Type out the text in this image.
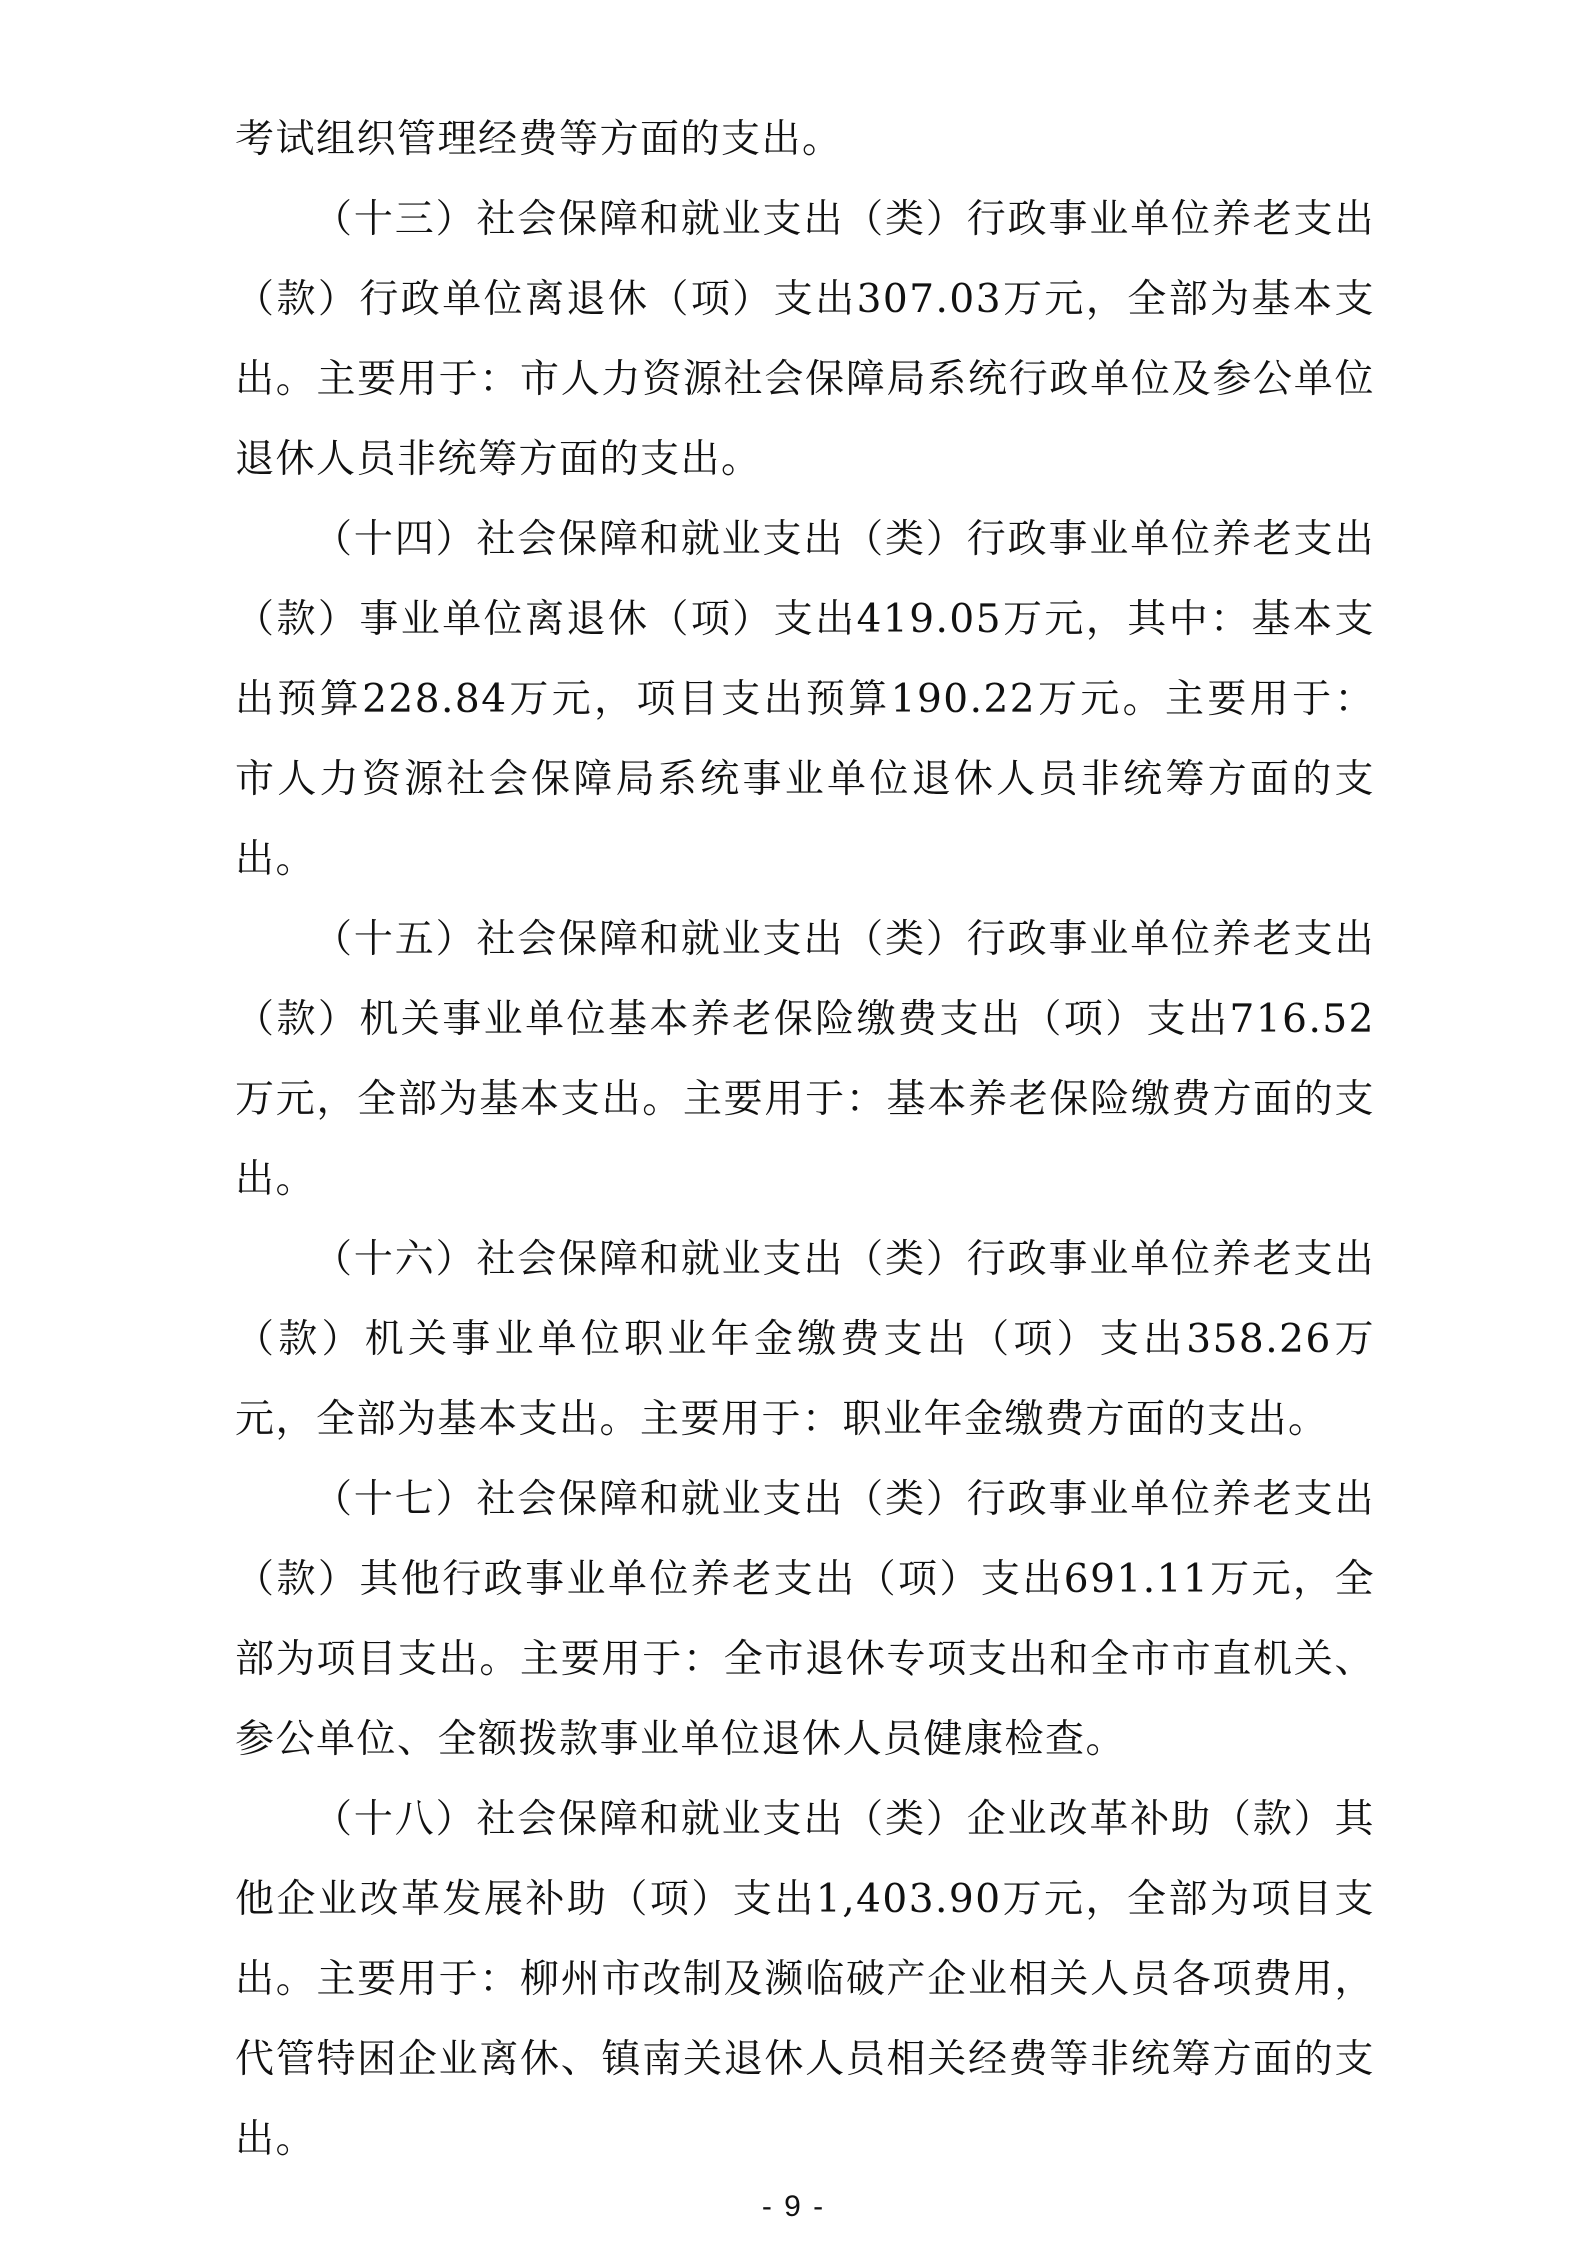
考试组织管理经费等方面的支出。

（十三）社会保障和就业支出（类）行政事业单位养老支出（款）行政单位离退休（项）支出307.03万元，全部为基本支出。主要用于：市人力资源社会保障局系统行政单位及参公单位退休人员非统筹方面的支出。

（十四）社会保障和就业支出（类）行政事业单位养老支出（款）事业单位离退休（项）支出419.05万元，其中：基本支出预算228.84万元，项目支出预算190.22万元。主要用于：市人力资源社会保障局系统事业单位退休人员非统筹方面的支出。

（十五）社会保障和就业支出（类）行政事业单位养老支出（款）机关事业单位基本养老保险缴费支出（项）支出716.52万元，全部为基本支出。主要用于：基本养老保险缴费方面的支出。

（十六）社会保障和就业支出（类）行政事业单位养老支出（款）机关事业单位职业年金缴费支出（项）支出358.26万元，全部为基本支出。主要用于：职业年金缴费方面的支出。

（十七）社会保障和就业支出（类）行政事业单位养老支出（款）其他行政事业单位养老支出（项）支出691.11万元，全部为项目支出。主要用于：全市退休专项支出和全市市直机关、参公单位、全额拨款事业单位退休人员健康检查。

（十八）社会保障和就业支出（类）企业改革补助（款）其他企业改革发展补助（项）支出1,403.90万元，全部为项目支出。主要用于：柳州市改制及濒临破产企业相关人员各项费用，代管特困企业离休、镇南关退休人员相关经费等非统筹方面的支出。

- 9 -
